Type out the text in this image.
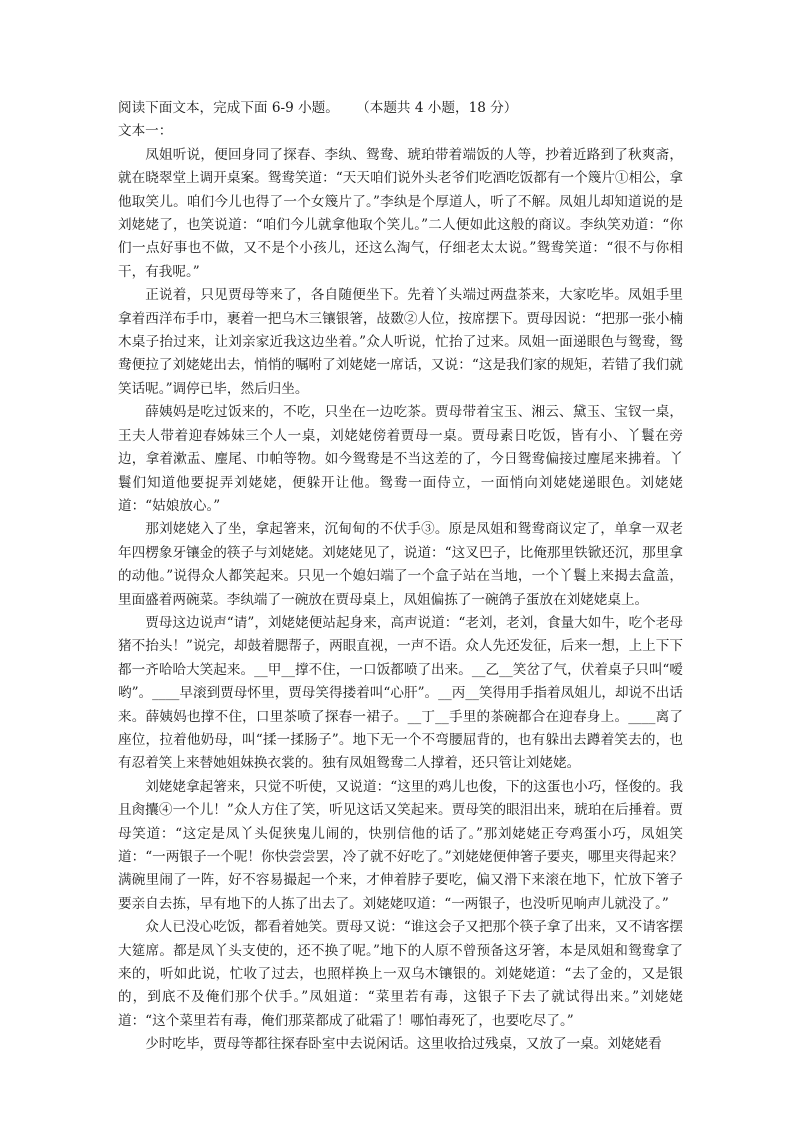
阅读下面文本，完成下面 6-9 小题。    （本题共 4 小题，18 分）

文本一：

凤姐听说，便回身同了探春、李纨、鸳鸯、琥珀带着端饭的人等，抄着近路到了秋爽斋，就在晓翠堂上调开桌案。鸳鸯笑道：“天天咱们说外头老爷们吃酒吃饭都有一个篾片①相公，拿他取笑儿。咱们今儿也得了一个女篾片了。”李纨是个厚道人，听了不解。凤姐儿却知道说的是刘姥姥了，也笑说道：“咱们今儿就拿他取个笑儿。”二人便如此这般的商议。李纨笑劝道：“你们一点好事也不做，又不是个小孩儿，还这么淘气，仔细老太太说。”鸳鸯笑道：“很不与你相干，有我呢。”

正说着，只见贾母等来了，各自随便坐下。先着丫头端过两盘茶来，大家吃毕。凤姐手里拿着西洋布手巾，裹着一把乌木三镶银箸，敁敪②人位，按席摆下。贾母因说：“把那一张小楠木桌子抬过来，让刘亲家近我这边坐着。”众人听说，忙抬了过来。凤姐一面递眼色与鸳鸯，鸳鸯便拉了刘姥姥出去，悄悄的嘱咐了刘姥姥一席话，又说：“这是我们家的规矩，若错了我们就笑话呢。”调停已毕，然后归坐。

薛姨妈是吃过饭来的，不吃，只坐在一边吃茶。贾母带着宝玉、湘云、黛玉、宝钗一桌，王夫人带着迎春姊妹三个人一桌，刘姥姥傍着贾母一桌。贾母素日吃饭，皆有小、丫鬟在旁边，拿着漱盂、麈尾、巾帕等物。如今鸳鸯是不当这差的了，今日鸳鸯偏接过麈尾来拂着。丫鬟们知道他要捉弄刘姥姥，便躲开让他。鸳鸯一面侍立，一面悄向刘姥姥递眼色。刘姥姥道：“姑娘放心。”

那刘姥姥入了坐，拿起箸来，沉甸甸的不伏手③。原是凤姐和鸳鸯商议定了，单拿一双老年四楞象牙镶金的筷子与刘姥姥。刘姥姥见了，说道：“这叉巴子，比俺那里铁锨还沉，那里拿的动他。”说得众人都笑起来。只见一个媳妇端了一个盒子站在当地，一个丫鬟上来揭去盒盖，里面盛着两碗菜。李纨端了一碗放在贾母桌上，凤姐偏拣了一碗鸽子蛋放在刘姥姥桌上。

贾母这边说声“请”，刘姥姥便站起身来，高声说道：“老刘，老刘，食量大如牛，吃个老母猪不抬头！”说完，却鼓着腮帮子，两眼直视，一声不语。众人先还发征，后来一想，上上下下都一齐哈哈大笑起来。__甲__撑不住，一口饭都喷了出来。__乙__笑岔了气，伏着桌子只叫“嗳哟”。____早滚到贾母怀里，贾母笑得搂着叫“心肝”。__丙__笑得用手指着凤姐儿，却说不出话来。薛姨妈也撑不住，口里茶喷了探春一裙子。__丁__手里的茶碗都合在迎春身上。____离了座位，拉着他奶母，叫“揉一揉肠子”。地下无一个不弯腰屈背的，也有躲出去蹲着笑去的，也有忍着笑上来替她姐妹换衣裳的。独有凤姐鸳鸯二人撑着，还只管让刘姥姥。

刘姥姥拿起箸来，只觉不听使，又说道：“这里的鸡儿也俊，下的这蛋也小巧，怪俊的。我且肏攮④一个儿！”众人方住了笑，听见这话又笑起来。贾母笑的眼泪出来，琥珀在后捶着。贾母笑道：“这定是凤丫头促狭鬼儿闹的，快别信他的话了。”那刘姥姥正夸鸡蛋小巧，凤姐笑道：“一两银子一个呢！你快尝尝罢，冷了就不好吃了。”刘姥姥便伸箸子要夹，哪里夹得起来？满碗里闹了一阵，好不容易撮起一个来，才伸着脖子要吃，偏又滑下来滚在地下，忙放下箸子要亲自去拣，早有地下的人拣了出去了。刘姥姥叹道：“一两银子，也没听见响声儿就没了。”

众人已没心吃饭，都看着她笑。贾母又说：“谁这会子又把那个筷子拿了出来，又不请客摆大筵席。都是凤丫头支使的，还不换了呢。”地下的人原不曾预备这牙箸，本是凤姐和鸳鸯拿了来的，听如此说，忙收了过去，也照样换上一双乌木镶银的。刘姥姥道：“去了金的，又是银的，到底不及俺们那个伏手。”凤姐道：“菜里若有毒，这银子下去了就试得出来。”刘姥姥道：“这个菜里若有毒，俺们那菜都成了砒霜了！哪怕毒死了，也要吃尽了。”

少时吃毕，贾母等都往探春卧室中去说闲话。这里收拾过残桌，又放了一桌。刘姥姥看
